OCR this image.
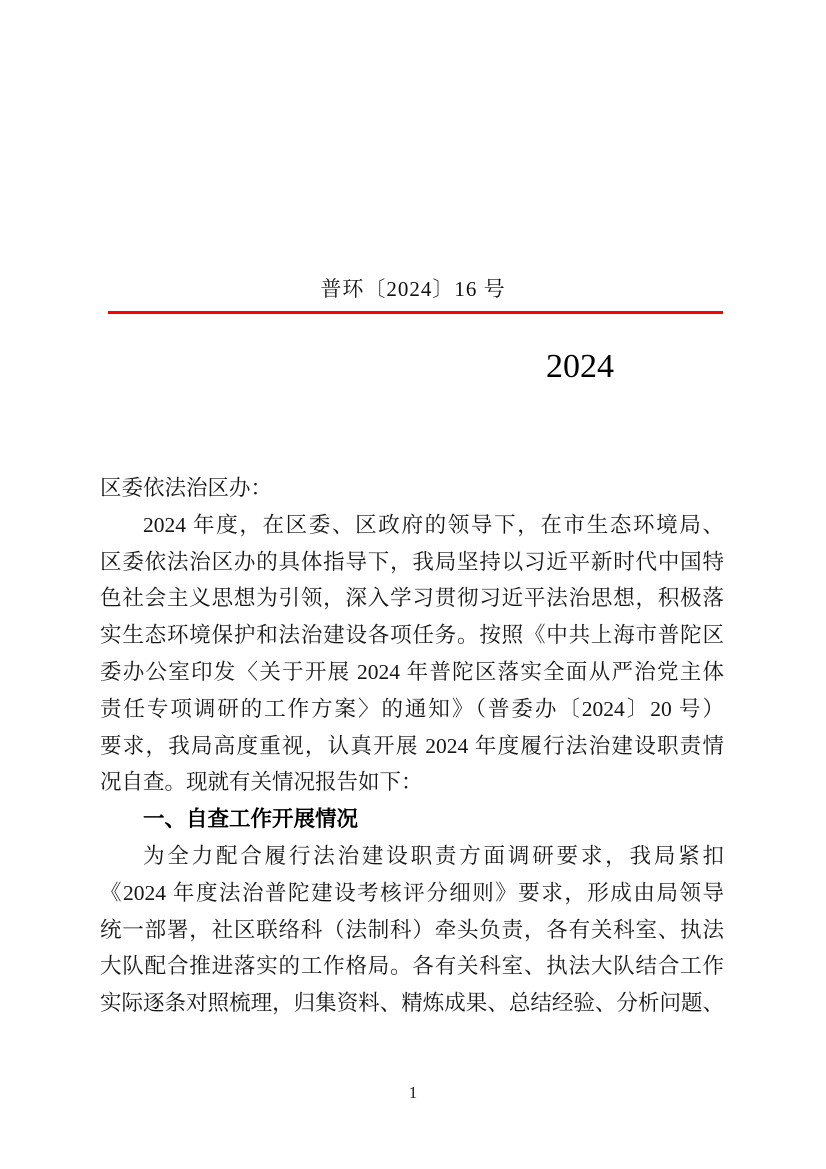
普环〔2024〕16 号
2024
区委依法治区办：
2024 年度，在区委、区政府的领导下，在市生态环境局、
区委依法治区办的具体指导下，我局坚持以习近平新时代中国特
色社会主义思想为引领，深入学习贯彻习近平法治思想，积极落
实生态环境保护和法治建设各项任务。按照《中共上海市普陀区
委办公室印发〈关于开展 2024 年普陀区落实全面从严治党主体
责任专项调研的工作方案〉的通知》（普委办〔2024〕20 号）
要求，我局高度重视，认真开展 2024 年度履行法治建设职责情
况自查。现就有关情况报告如下：
一、自查工作开展情况
为全力配合履行法治建设职责方面调研要求，我局紧扣
《2024 年度法治普陀建设考核评分细则》要求，形成由局领导
统一部署，社区联络科（法制科）牵头负责，各有关科室、执法
大队配合推进落实的工作格局。各有关科室、执法大队结合工作
实际逐条对照梳理，归集资料、精炼成果、总结经验、分析问题、
1
